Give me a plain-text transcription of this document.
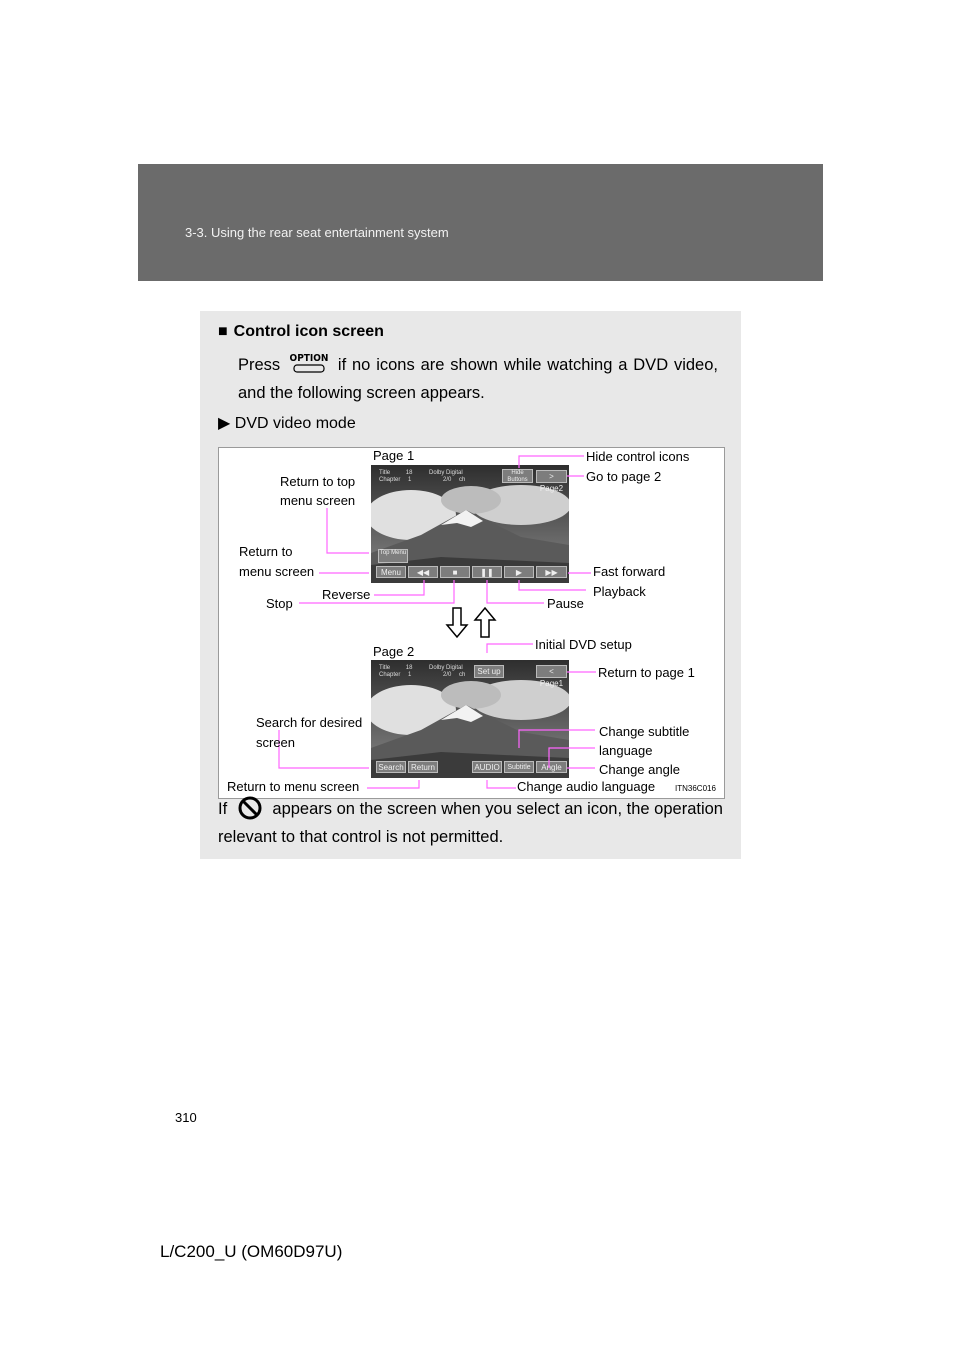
3-3. Using the rear seat entertainment system
■ Control icon screen
Press OPTION if no icons are shown while watching a DVD video, and the following screen appears.
▶ DVD video mode
Title	18
Chapter 1
Dolby Digital
2/0 ch
Hide Buttons	> Page2
Top Menu
Menu	◀◀	■	❚❚	▶	▶▶
Title	18
Chapter 1
Dolby Digital
2/0 ch	Set up	< Page1
Search Return	AUDIO	Subtitle	Angle
Page 1
Page 2
Hide control icons
Go to page 2
Return to top
menu screen
Return to
menu screen	Fast forward
Playback
Reverse
Stop	Pause
Initial DVD setup
Return to page 1
Search for desired
screen
Change subtitle
language
Change angle
Return to menu screen	Change audio language ITN36C016
If	appears on the screen when you select an icon, the operation relevant to that control is not permitted.
310
L/C200_U (OM60D97U)
